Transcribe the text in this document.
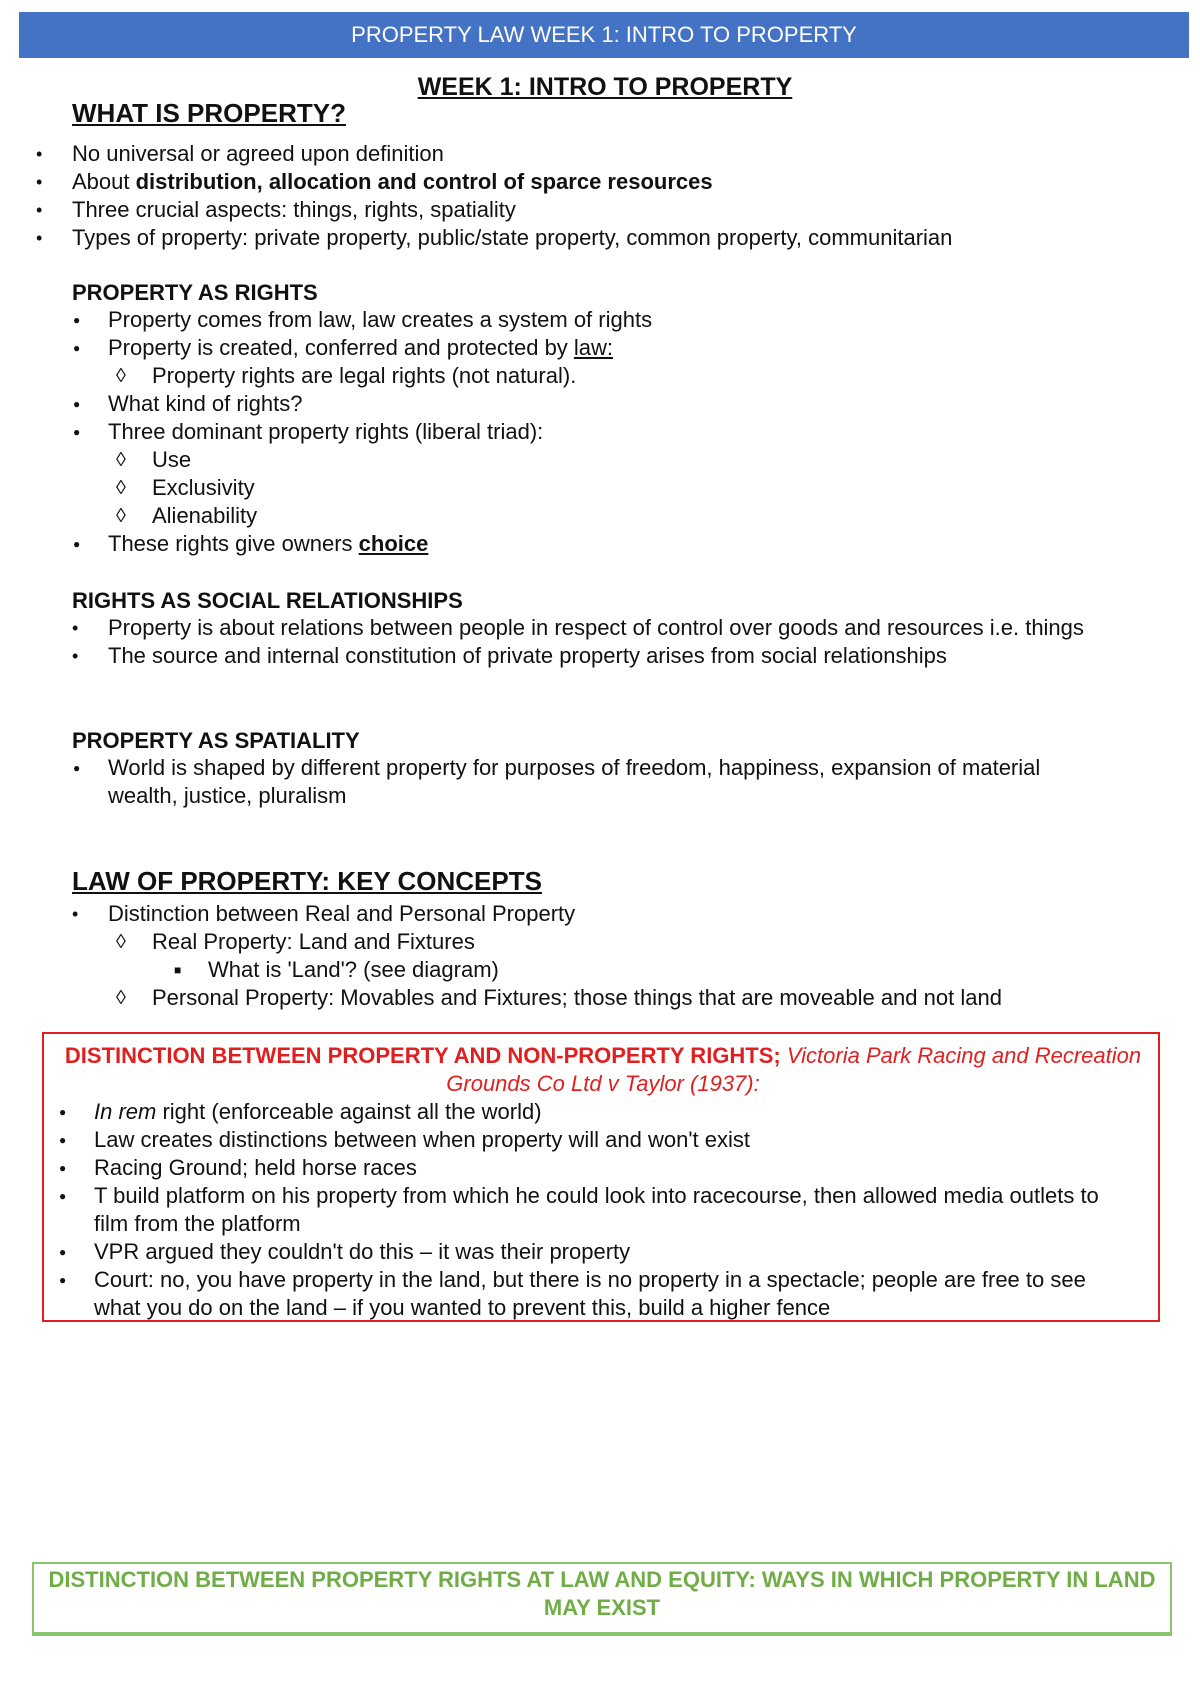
PROPERTY LAW WEEK 1: INTRO TO PROPERTY
WEEK 1: INTRO TO PROPERTY
WHAT IS PROPERTY?
• No universal or agreed upon definition
• About distribution, allocation and control of sparce resources
• Three crucial aspects: things, rights, spatiality
• Types of property: private property, public/state property, common property, communitarian
PROPERTY AS RIGHTS
● Property comes from law, law creates a system of rights
● Property is created, conferred and protected by law:
◊ Property rights are legal rights (not natural).
● What kind of rights?
● Three dominant property rights (liberal triad):
◊ Use
◊ Exclusivity
◊ Alienability
● These rights give owners choice
RIGHTS AS SOCIAL RELATIONSHIPS
• Property is about relations between people in respect of control over goods and resources i.e. things
• The source and internal constitution of private property arises from social relationships
PROPERTY AS SPATIALITY
● World is shaped by different property for purposes of freedom, happiness, expansion of material wealth, justice, pluralism
LAW OF PROPERTY: KEY CONCEPTS
• Distinction between Real and Personal Property
◊ Real Property: Land and Fixtures
■ What is 'Land'? (see diagram)
◊ Personal Property: Movables and Fixtures; those things that are moveable and not land
DISTINCTION BETWEEN PROPERTY AND NON-PROPERTY RIGHTS; Victoria Park Racing and Recreation Grounds Co Ltd v Taylor (1937):
● In rem right (enforceable against all the world)
● Law creates distinctions between when property will and won't exist
● Racing Ground; held horse races
● T build platform on his property from which he could look into racecourse, then allowed media outlets to film from the platform
● VPR argued they couldn't do this – it was their property
● Court: no, you have property in the land, but there is no property in a spectacle; people are free to see what you do on the land – if you wanted to prevent this, build a higher fence
DISTINCTION BETWEEN PROPERTY RIGHTS AT LAW AND EQUITY: WAYS IN WHICH PROPERTY IN LAND MAY EXIST
